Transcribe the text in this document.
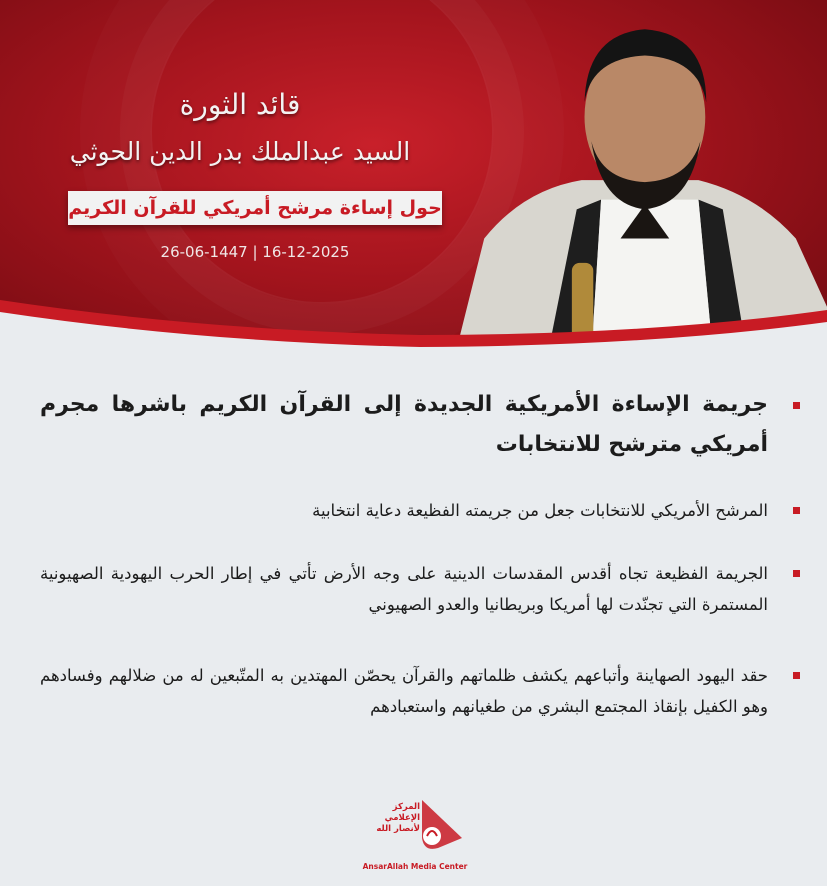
قائد الثورة
السيد عبدالملك بدر الدين الحوثي
حول إساءة مرشح أمريكي للقرآن الكريم
26-06-1447 | 16-12-2025

جريمة الإساءة الأمريكية الجديدة إلى القرآن الكريم باشرها مجرم أمريكي مترشح للانتخابات

المرشح الأمريكي للانتخابات جعل من جريمته الفظيعة دعاية انتخابية

الجريمة الفظيعة تجاه أقدس المقدسات الدينية على وجه الأرض تأتي في إطار الحرب اليهودية الصهيونية المستمرة التي تجنّدت لها أمريكا وبريطانيا والعدو الصهيوني

حقد اليهود الصهاينة وأتباعهم يكشف ظلماتهم والقرآن يحصّن المهتدين به المتّبعين له من ضلالهم وفسادهم وهو الكفيل بإنقاذ المجتمع البشري من طغيانهم واستعبادهم

المركز الإعلامي لأنصار الله
AnsarAllah Media Center
